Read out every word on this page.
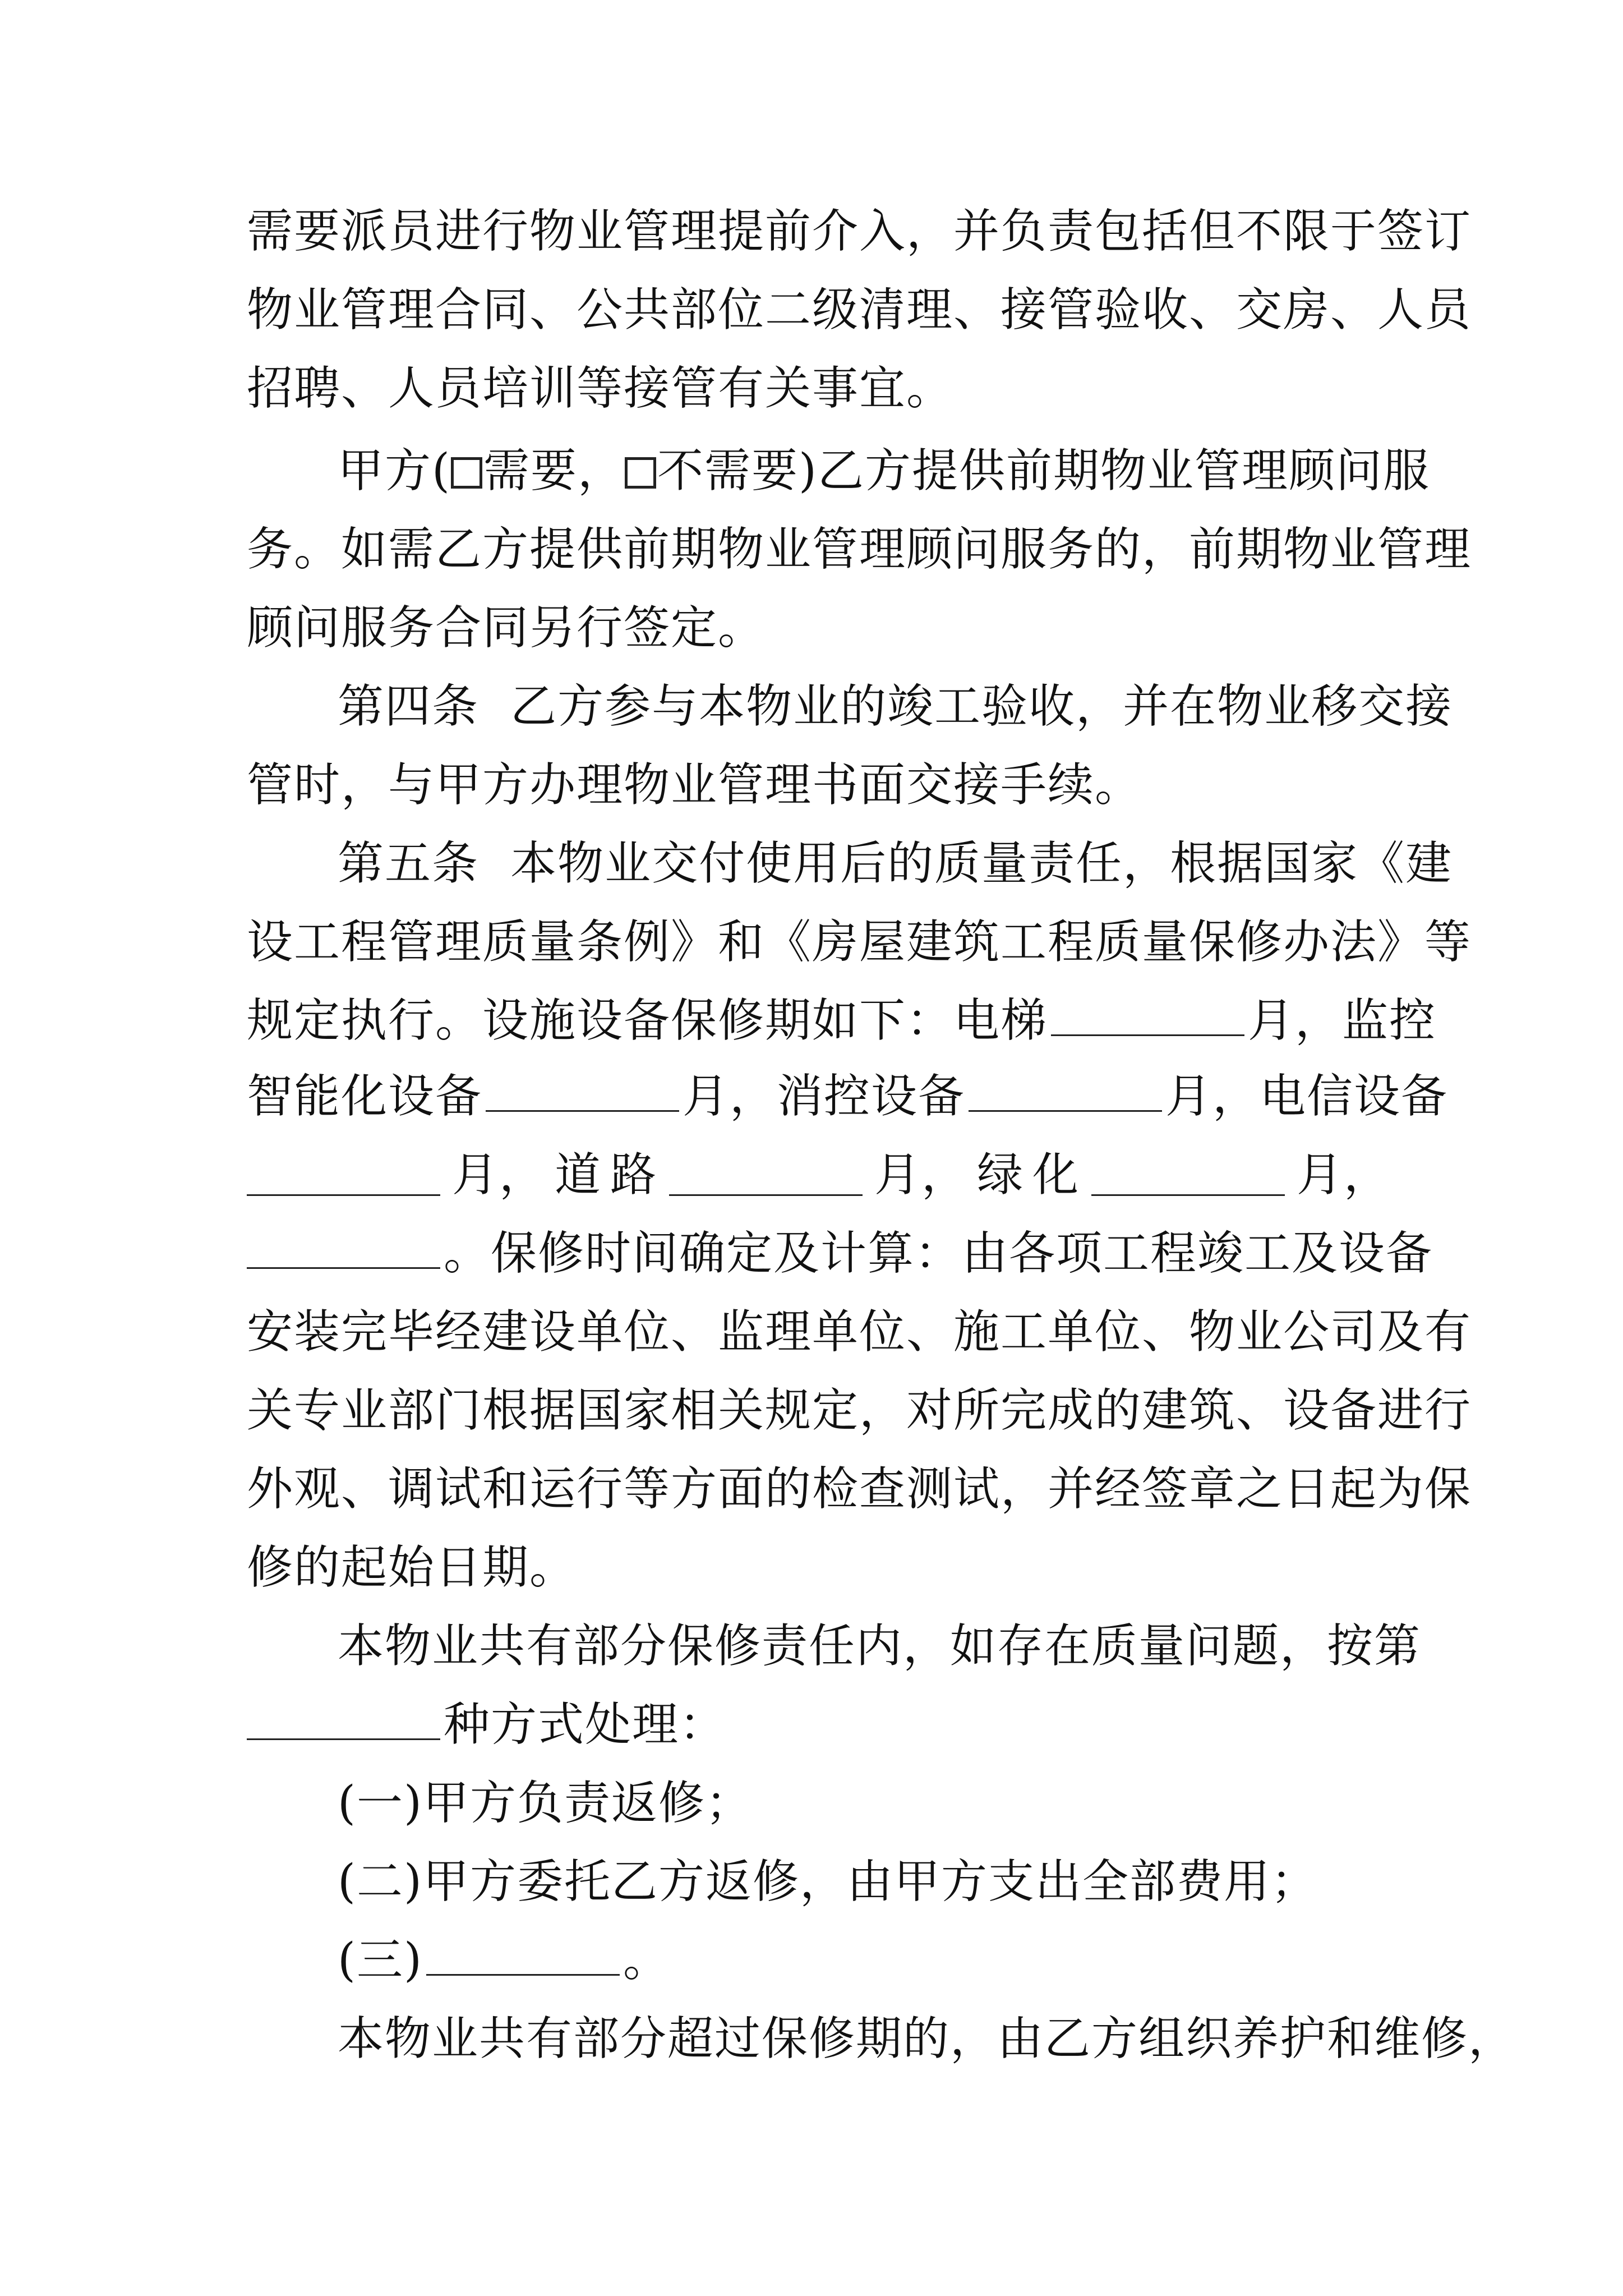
需要派员进行物业管理提前介入，并负责包括但不限于签订
物业管理合同、公共部位二级清理、接管验收、交房、人员
招聘、人员培训等接管有关事宜。
甲方( 需要， 不需要)乙方提供前期物业管理顾问服
务。如需乙方提供前期物业管理顾问服务的，前期物业管理
顾问服务合同另行签定。
第四条  乙方参与本物业的竣工验收，并在物业移交接
管时，与甲方办理物业管理书面交接手续。
第五条  本物业交付使用后的质量责任，根据国家《建
设工程管理质量条例》和《房屋建筑工程质量保修办法》等
规定执行。设施设备保修期如下：电梯	月，监控
智能化设备	月，消控设备	月，电信设备
月， 道 路	月， 绿 化	月，
。保修时间确定及计算：由各项工程竣工及设备
安装完毕经建设单位、监理单位、施工单位、物业公司及有
关专业部门根据国家相关规定，对所完成的建筑、设备进行
外观、调试和运行等方面的检查测试，并经签章之日起为保
修的起始日期。
本物业共有部分保修责任内，如存在质量问题，按第
种方式处理：
(一)甲方负责返修；
(二)甲方委托乙方返修，由甲方支出全部费用；
(三)	。
本物业共有部分超过保修期的，由乙方组织养护和维修，
